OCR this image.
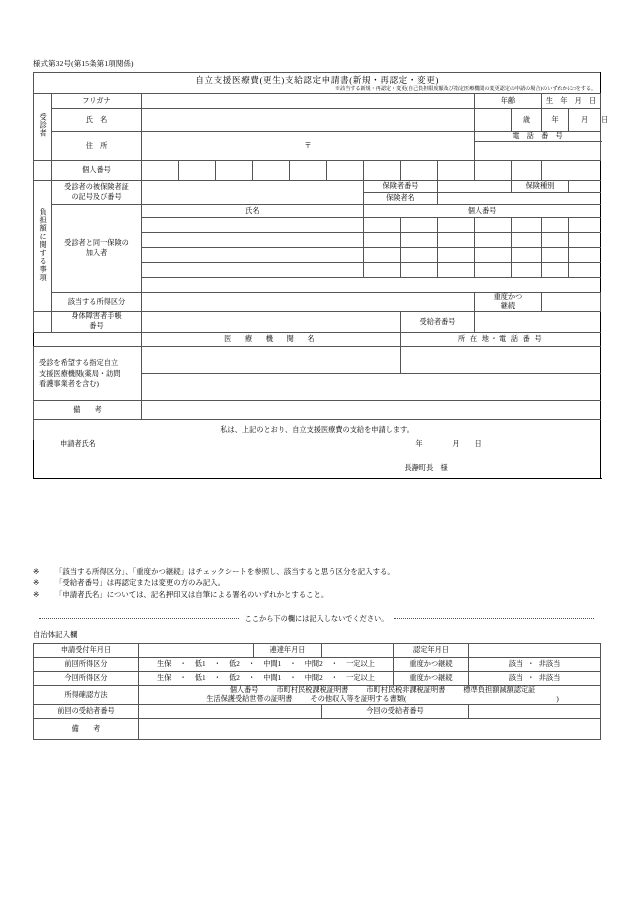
様式第32号(第15条第1項関係)
自立支援医療費(更生)支給認定申請書(新規・再認定・変更)
※該当する新規・再認定・変更(自己負担限度額及び指定医療機関の変更認定の申請の場合)のいずれかに□をする。															

受診者	フリガナ										年齢		生　年　月　日		
	氏　名											歳	年	月	日
	住　所	〒									電　話　番　号				

	個人番号														
負担額に関する事項	受診者の被保険者証
の記号及び番号							保険者番号				保険種別			
								保険者名							
	受診者と同一保険の
加入者	氏名						個人番号							

	該当する所得区分										重度かつ
継続				
	身体障害者手帳
番号								受給者番号						
		医　療　機　関　名							所 在 地・電 話 番 号						
受診を希望する指定自立
支援医療機関(薬局・訪問
看護事業者を含む)															

備　　考															
私は、上記のとおり、自立支援医療費の支給を申請します。															
申請者氏名									年	月	日				
									長瀞町長　様						
※ 「該当する所得区分」、「重度かつ継続」はチェックシートを参照し、該当すると思う区分を記入する。
※ 「受給者番号」は再認定または変更の方のみ記入。
※ 「申請者氏名」については、記名押印又は自筆による署名のいずれかとすること。
ここから下の欄には記入しないでください。
自治体記入欄
申請受付年月日		連達年月日		認定年月日	
前回所得区分	生保 ・ 低1 ・ 低2 ・ 中間1 ・ 中間2 ・ 一定以上	重度かつ継続	該当 ・ 非該当
今回所得区分	生保 ・ 低1 ・ 低2 ・ 中間1 ・ 中間2 ・ 一定以上	重度かつ継続	該当 ・ 非該当
所得確認方法	個人番号 市町村民税課税証明書 市町村民税非課税証明書 標準負担額減額認定証
生活保護受給世帯の証明書 その他収入等を証明する書類( )				

前回の受給者番号			今回の受給者番号		
備　　考					
